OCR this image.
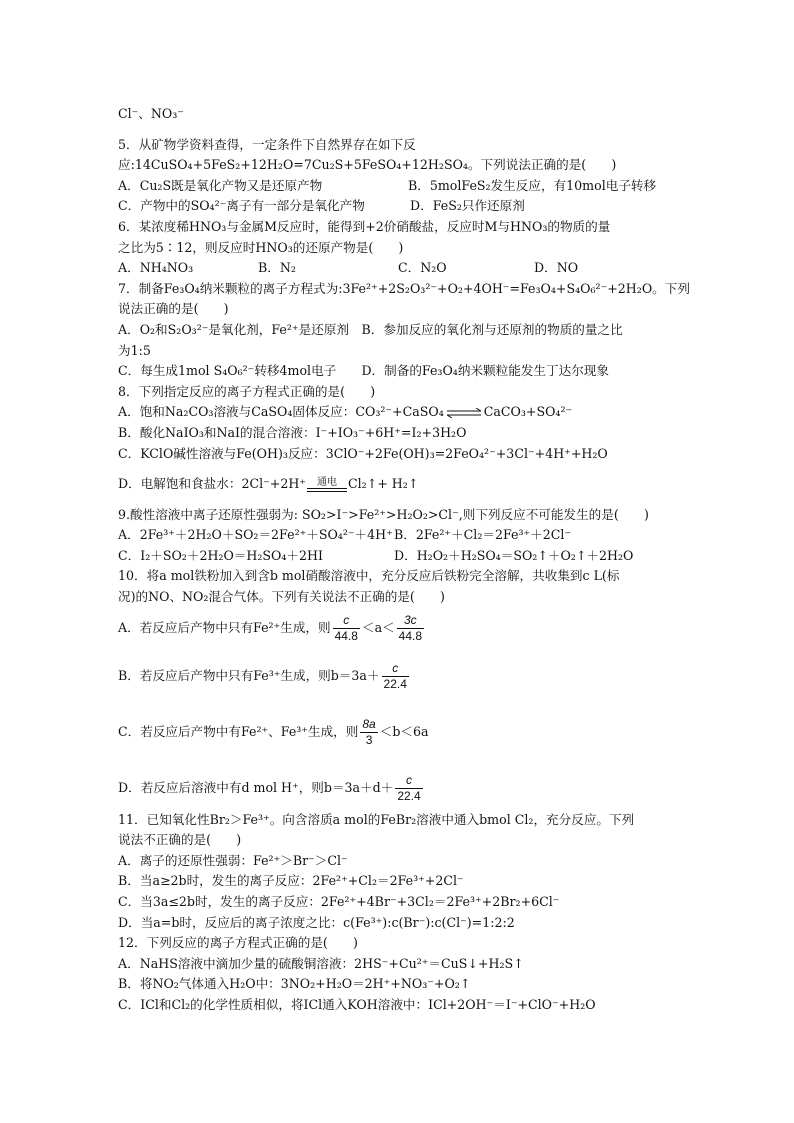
Cl⁻、NO₃⁻
5．从矿物学资料查得，一定条件下自然界存在如下反
应:14CuSO₄+5FeS₂+12H₂O=7Cu₂S+5FeSO₄+12H₂SO₄。下列说法正确的是(　　)
A．Cu₂S既是氧化产物又是还原产物	B．5molFeS₂发生反应，有10mol电子转移
C．产物中的SO₄²⁻离子有一部分是氧化产物	D．FeS₂只作还原剂
6．某浓度稀HNO₃与金属M反应时，能得到+2价硝酸盐，反应时M与HNO₃的物质的量
之比为5∶12，则反应时HNO₃的还原产物是(　　)
A．NH₄NO₃	B．N₂	C．N₂O	D．NO
7．制备Fe₃O₄纳米颗粒的离子方程式为:3Fe²⁺+2S₂O₃²⁻+O₂+4OH⁻=Fe₃O₄+S₄O₆²⁻+2H₂O。下列
说法正确的是(　　)
A．O₂和S₂O₃²⁻是氧化剂，Fe²⁺是还原剂　B．参加反应的氧化剂与还原剂的物质的量之比
为1:5
C．每生成1mol S₄O₆²⁻转移4mol电子　　D．制备的Fe₃O₄纳米颗粒能发生丁达尔现象
8．下列指定反应的离子方程式正确的是(　　)
A．饱和Na₂CO₃溶液与CaSO₄固体反应：CO₃²⁻+CaSO₄ ⇌ CaCO₃+SO₄²⁻
B．酸化NaIO₃和NaI的混合溶液：I⁻+IO₃⁻+6H⁺=I₂+3H₂O
C．KClO碱性溶液与Fe(OH)₃反应：3ClO⁻+2Fe(OH)₃=2FeO₄²⁻+3Cl⁻+4H⁺+H₂O
D．电解饱和食盐水：2Cl⁻+2H⁺	通电 Cl₂↑+ H₂↑
9.酸性溶液中离子还原性强弱为: SO₂>I⁻>Fe²⁺>H₂O₂>Cl⁻,则下列反应不可能发生的是(　　)
A．2Fe³⁺＋2H₂O＋SO₂＝2Fe²⁺＋SO₄²⁻＋4H⁺ B．2Fe²⁺＋Cl₂＝2Fe³⁺＋2Cl⁻
C．I₂＋SO₂＋2H₂O＝H₂SO₄＋2HI	D．H₂O₂＋H₂SO₄＝SO₂↑＋O₂↑＋2H₂O
10．将a mol铁粉加入到含b mol硝酸溶液中，充分反应后铁粉完全溶解，共收集到c L(标
况)的NO、NO₂混合气体。下列有关说法不正确的是(　　)
A．若反应后产物中只有Fe²⁺生成，则 $\frac{c}{44.8} <a< \frac{3c}{44.8}$
B．若反应后产物中只有Fe³⁺生成，则$b=3a+ \frac{c}{22.4}$
C．若反应后产物中有Fe²⁺、Fe³⁺生成，则 $\frac{8a}{3} <b<6a$
D．若反应后溶液中有d mol H⁺，则$b=3a+d+ \frac{c}{22.4}$
11．已知氧化性Br₂＞Fe³⁺。向含溶质a mol的FeBr₂溶液中通入bmol Cl₂，充分反应。下列
说法不正确的是(　　)
A．离子的还原性强弱：Fe²⁺＞Br⁻＞Cl⁻
B．当a≥2b时，发生的离子反应：2Fe²⁺+Cl₂＝2Fe³⁺+2Cl⁻
C．当3a≤2b时，发生的离子反应：2Fe²⁺+4Br⁻+3Cl₂＝2Fe³⁺+2Br₂+6Cl⁻
D．当a=b时，反应后的离子浓度之比：c(Fe³⁺):c(Br⁻):c(Cl⁻)=1:2:2
12．下列反应的离子方程式正确的是(　　)
A．NaHS溶液中滴加少量的硫酸铜溶液：2HS⁻+Cu²⁺＝CuS↓+H₂S↑
B．将NO₂气体通入H₂O中：3NO₂+H₂O＝2H⁺+NO₃⁻+O₂↑
C．ICl和Cl₂的化学性质相似，将ICl通入KOH溶液中：ICl+2OH⁻＝I⁻+ClO⁻+H₂O
